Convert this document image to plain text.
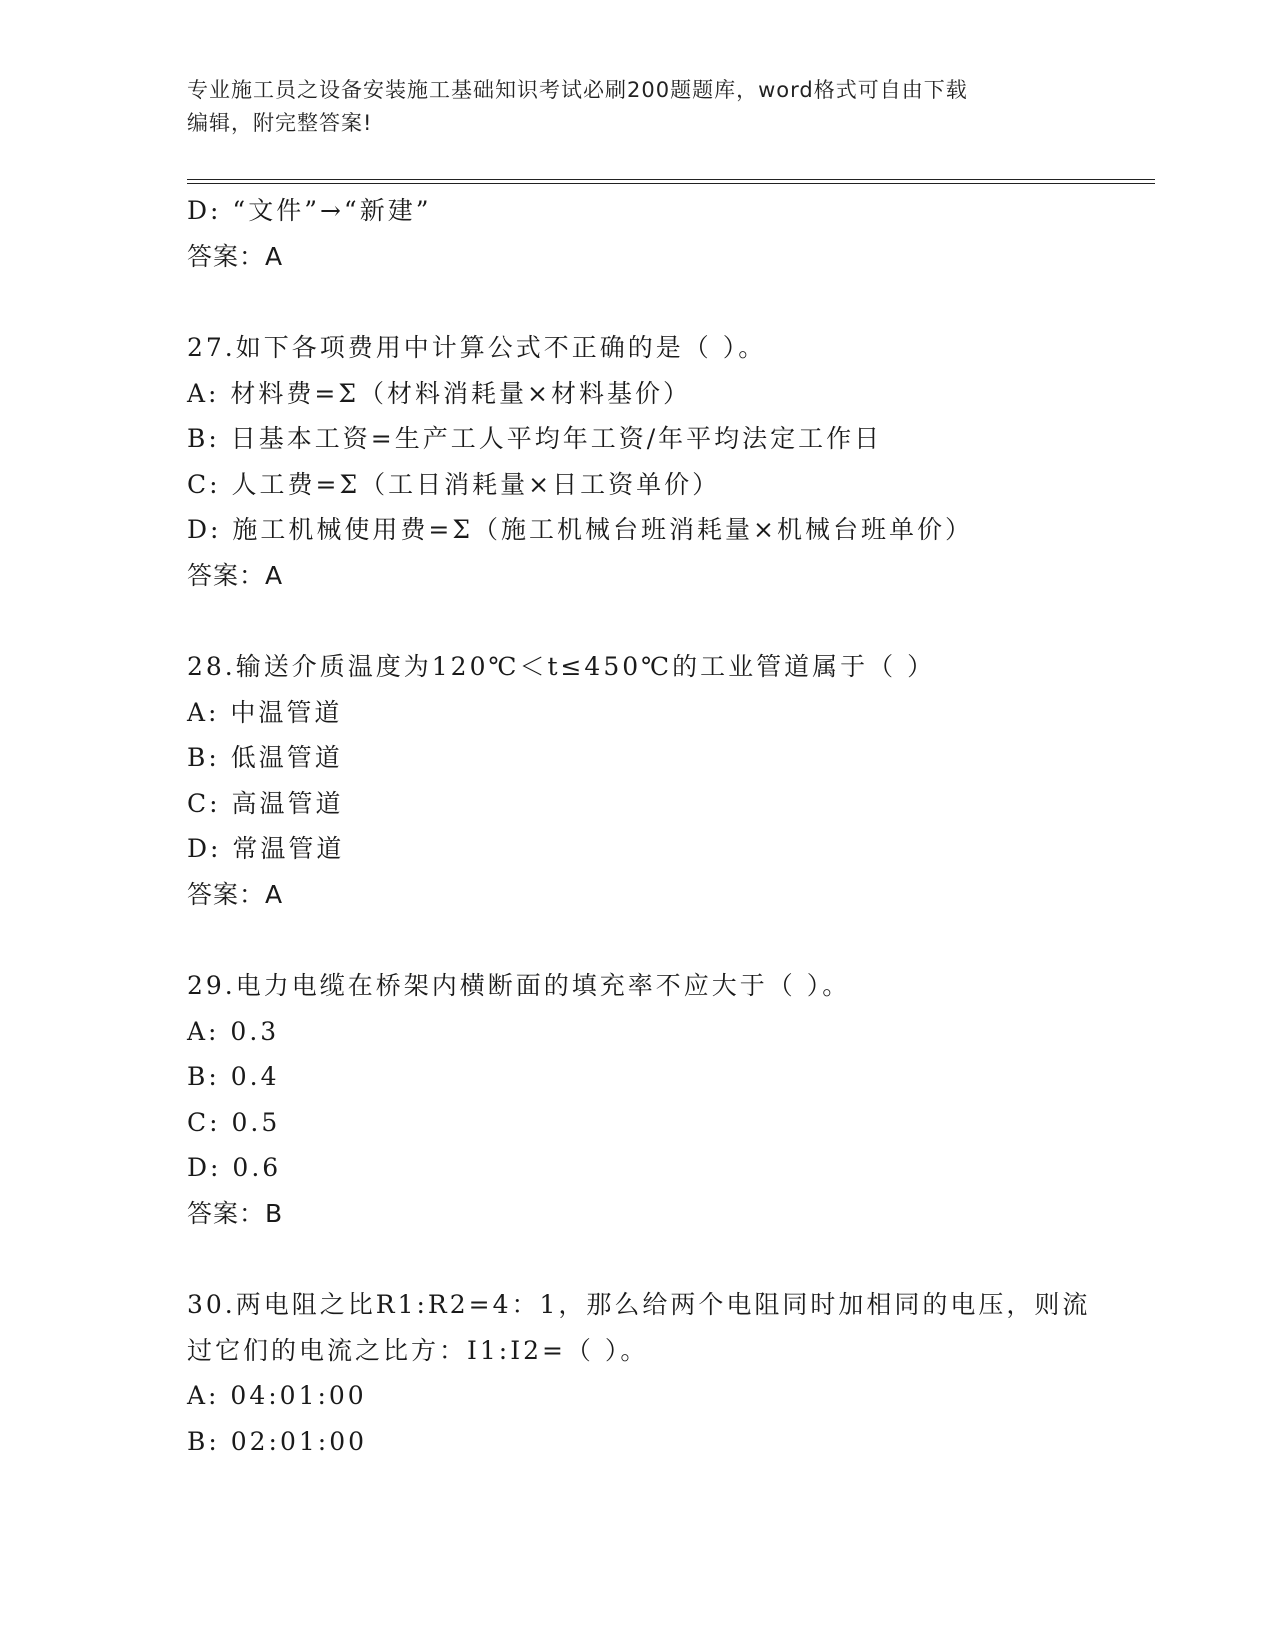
专业施工员之设备安装施工基础知识考试必刷200题题库，word格式可自由下载
编辑，附完整答案!
D: “文件”→“新建”
答案：A
27.如下各项费用中计算公式不正确的是（ ）。
A: 材料费=Σ（材料消耗量×材料基价）
B: 日基本工资=生产工人平均年工资/年平均法定工作日
C: 人工费=Σ（工日消耗量×日工资单价）
D: 施工机械使用费=Σ（施工机械台班消耗量×机械台班单价）
答案：A
28.输送介质温度为120℃＜t≤450℃的工业管道属于（ ）
A: 中温管道
B: 低温管道
C: 高温管道
D: 常温管道
答案：A
29.电力电缆在桥架内横断面的填充率不应大于（ ）。
A: 0.3
B: 0.4
C: 0.5
D: 0.6
答案：B
30.两电阻之比R1:R2=4：1，那么给两个电阻同时加相同的电压，则流
过它们的电流之比方：I1:I2=（ ）。
A: 04:01:00
B: 02:01:00
